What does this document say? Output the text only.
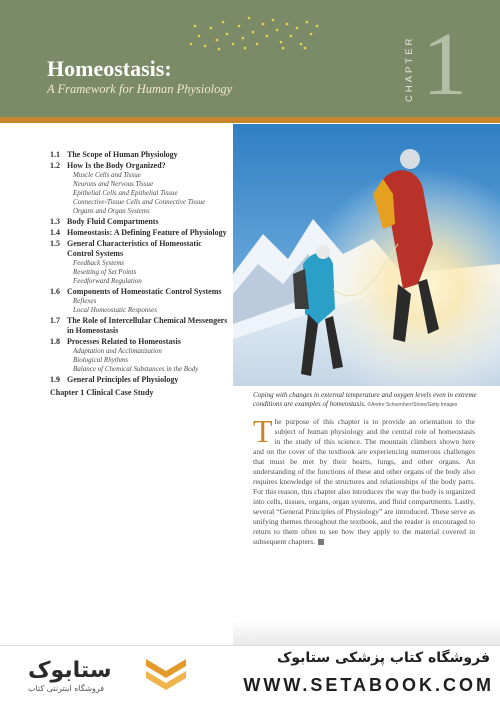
Homeostasis:
A Framework for Human Physiology	CHAPTER 1
1.1 The Scope of Human Physiology
1.2 How Is the Body Organized?
Muscle Cells and Tissue
Neurons and Nervous Tissue
Epithelial Cells and Epithelial Tissue
Connective-Tissue Cells and Connective Tissue
Organs and Organ Systems
1.3 Body Fluid Compartments
1.4 Homeostasis: A Defining Feature of Physiology
1.5 General Characteristics of Homeostatic Control Systems
Feedback Systems
Resetting of Set Points
Feedforward Regulation
1.6 Components of Homeostatic Control Systems
Reflexes
Local Homeostatic Responses
1.7 The Role of Intercellular Chemical Messengers in Homeostasis
1.8 Processes Related to Homeostasis
Adaptation and Acclimatization
Biological Rhythms
Balance of Chemical Substances in the Body
1.9 General Principles of Physiology
Chapter 1 Clinical Case Study	Coping with changes in external temperature and oxygen levels even in extreme conditions are examples of homeostasis. ©Andre Schoenherr/Stone/Getty Images

The purpose of this chapter is to provide an orientation to the subject of human physiology and the central role of homeostasis in the study of this science. The mountain climbers shown here and on the cover of the textbook are experiencing numerous challenges that must be met by their hearts, lungs, and other organs. An understanding of the functions of these and other organs of the body also requires knowledge of the structures and relationships of the body parts. For this reason, this chapter also introduces the way the body is organized into cells, tissues, organs, organ systems, and fluid compartments. Lastly, several “General Principles of Physiology” are introduced. These serve as unifying themes throughout the textbook, and the reader is encouraged to return to them often to see how they apply to the material covered in subsequent chapters.

ستابوک
فروشگاه اینترنتی کتاب
فروشگاه کتاب پزشکی ستابوک
WWW.SETABOOK.COM
